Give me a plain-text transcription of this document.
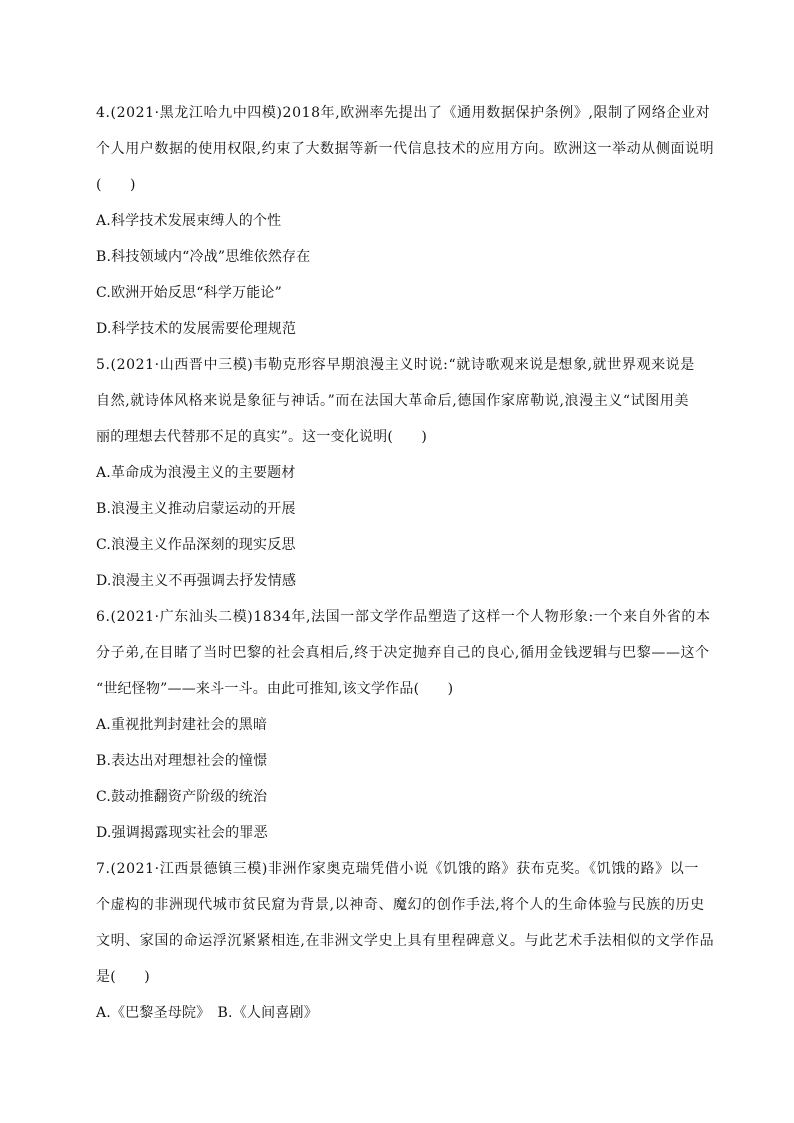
4.(2021·黑龙江哈九中四模)2018年,欧洲率先提出了《通用数据保护条例》,限制了网络企业对
个人用户数据的使用权限,约束了大数据等新一代信息技术的应用方向。欧洲这一举动从侧面说明
(　　)
A.科学技术发展束缚人的个性
B.科技领域内“冷战”思维依然存在
C.欧洲开始反思“科学万能论”
D.科学技术的发展需要伦理规范
5.(2021·山西晋中三模)韦勒克形容早期浪漫主义时说:“就诗歌观来说是想象,就世界观来说是
自然,就诗体风格来说是象征与神话。”而在法国大革命后,德国作家席勒说,浪漫主义“试图用美
丽的理想去代替那不足的真实”。这一变化说明(　　)
A.革命成为浪漫主义的主要题材
B.浪漫主义推动启蒙运动的开展
C.浪漫主义作品深刻的现实反思
D.浪漫主义不再强调去抒发情感
6.(2021·广东汕头二模)1834年,法国一部文学作品塑造了这样一个人物形象:一个来自外省的本
分子弟,在目睹了当时巴黎的社会真相后,终于决定抛弃自己的良心,循用金钱逻辑与巴黎——这个
“世纪怪物”——来斗一斗。由此可推知,该文学作品(　　)
A.重视批判封建社会的黑暗
B.表达出对理想社会的憧憬
C.鼓动推翻资产阶级的统治
D.强调揭露现实社会的罪恶
7.(2021·江西景德镇三模)非洲作家奥克瑞凭借小说《饥饿的路》获布克奖。《饥饿的路》以一
个虚构的非洲现代城市贫民窟为背景,以神奇、魔幻的创作手法,将个人的生命体验与民族的历史
文明、家国的命运浮沉紧紧相连,在非洲文学史上具有里程碑意义。与此艺术手法相似的文学作品
是(　　)
A.《巴黎圣母院》　B.《人间喜剧》
